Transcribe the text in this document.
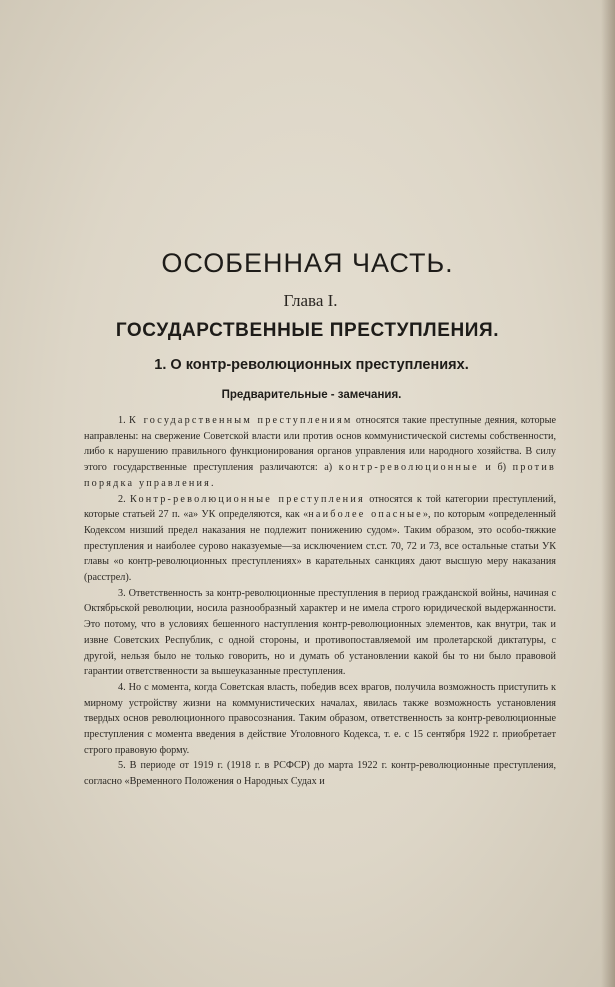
ОСОБЕННАЯ ЧАСТЬ.
Глава I.
ГОСУДАРСТВЕННЫЕ ПРЕСТУПЛЕНИЯ.
1. О контр-революционных преступлениях.
Предварительные - замечания.

1. К государственным преступлениям относятся такие преступные деяния, которые направлены: на свержение Советской власти или против основ коммунистической системы собственности, либо к нарушению правильного функционирования органов управления или народного хозяйства. В силу этого государственные преступления различаются: а) контр-революционные и б) против порядка управления.

2. Контр-революционные преступления относятся к той категории преступлений, которые статьей 27 п. «а» УК определяются, как «наиболее опасные», по которым «определенный Кодексом низший предел наказания не подлежит понижению судом». Таким образом, это особо-тяжкие преступления и наиболее сурово наказуемые—за исключением ст.ст. 70, 72 и 73, все остальные статьи УК главы «о контр-революционных преступлениях» в карательных санкциях дают высшую меру наказания (расстрел).

3. Ответственность за контр-революционные преступления в период гражданской войны, начиная с Октябрьской революции, носила разнообразный характер и не имела строго юридической выдержанности. Это потому, что в условиях бешенного наступления контр-революционных элементов, как внутри, так и извне Советских Республик, с одной стороны, и противопоставляемой им пролетарской диктатуры, с другой, нельзя было не только говорить, но и думать об установлении какой бы то ни было правовой гарантии ответственности за вышеуказанные преступления.

4. Но с момента, когда Советская власть, победив всех врагов, получила возможность приступить к мирному устройству жизни на коммунистических началах, явилась также возможность установления твердых основ революционного правосознания. Таким образом, ответственность за контр-революционные преступления с момента введения в действие Уголовного Кодекса, т. е. с 15 сентября 1922 г. приобретает строго правовую форму.

5. В периоде от 1919 г. (1918 г. в РСФСР) до марта 1922 г. контр-революционные преступления, согласно «Временного Положения о Народных Судах и
